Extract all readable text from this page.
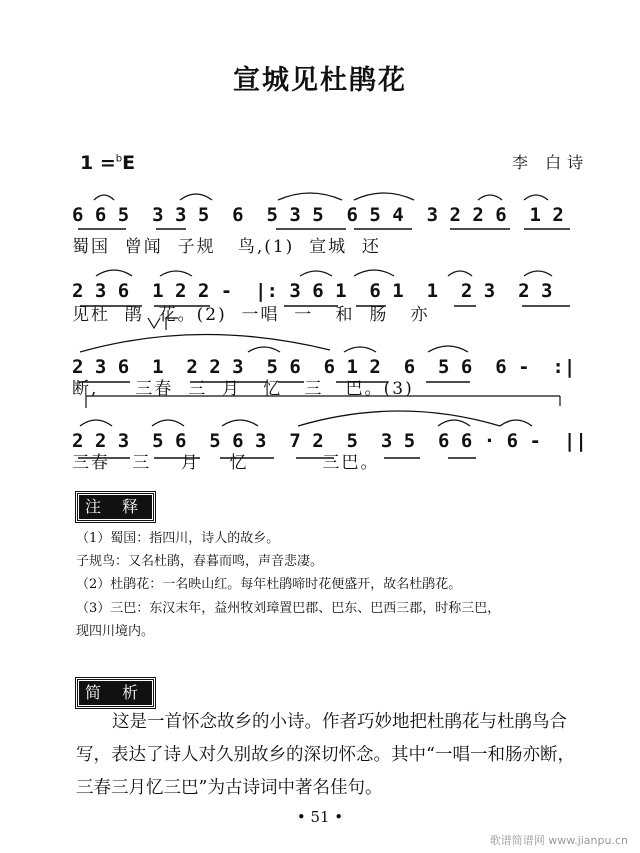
宣城见杜鹃花
1 =$^b$E	李 白诗
6 6 5  3 3 5  6  5 3 5  6 5 4  3 2 2 6  1 2
蜀国  曾闻  子规   鸟,(1)  宣城  还
2 3 6  1 2 2 -  |: 3 6 1  6 1  1  2 3  2 3
见杜  鹃  花。(2)  一唱  一   和  肠   亦
2 3 6  1  2 2 3  5 6  6 1 2  6  5 6  6 -  :|
断,     三春  三  月   忆   三   巴。(3)
2 2 3  5 6  5 6 3  7 2  5  3 5  6 6 · 6 -  ||
三春   三    月    忆          三巴。
注 释
（1）蜀国：指四川，诗人的故乡。
子规鸟：又名杜鹃，春暮而鸣，声音悲凄。
（2）杜鹃花：一名映山红。每年杜鹃啼时花便盛开，故名杜鹃花。
（3）三巴：东汉末年，益州牧刘璋置巴郡、巴东、巴西三郡，时称三巴，
现四川境内。
简 析
这是一首怀念故乡的小诗。作者巧妙地把杜鹃花与杜鹃鸟合写，表达了诗人对久别故乡的深切怀念。其中“一唱一和肠亦断，三春三月忆三巴”为古诗词中著名佳句。
• 51 •
歌谱简谱网 www.jianpu.cn
